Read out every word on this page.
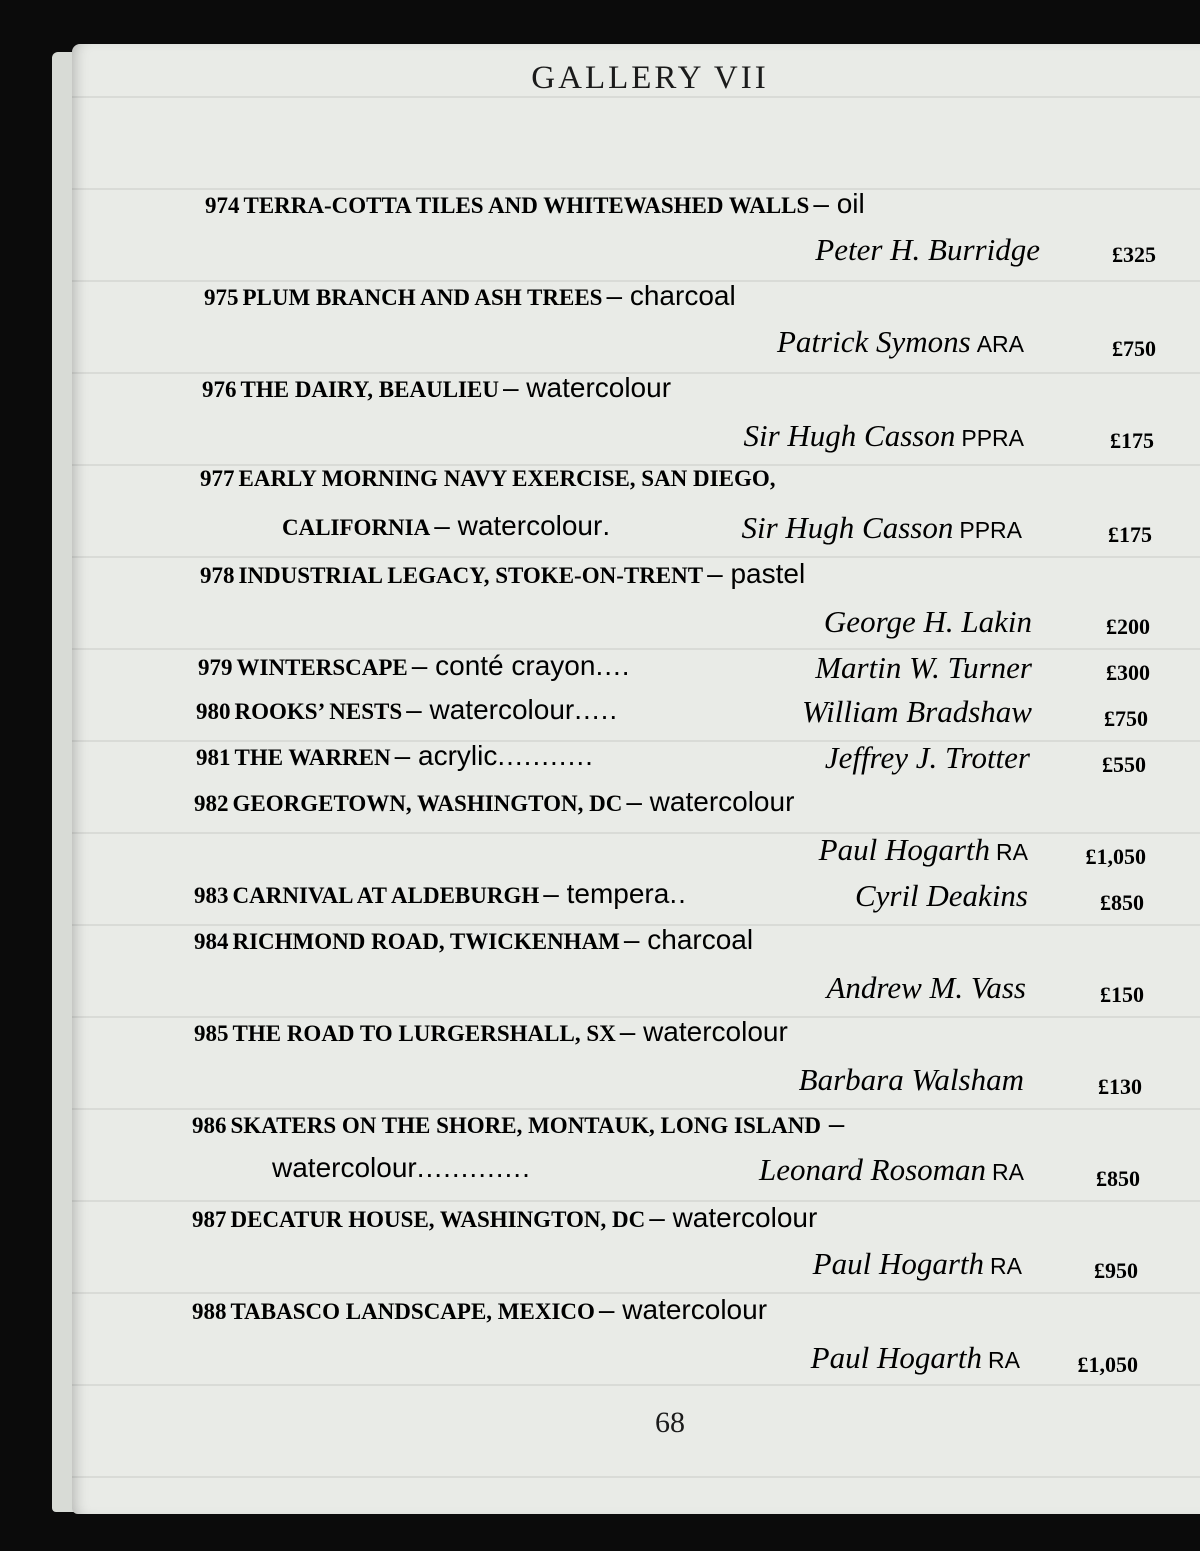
GALLERY VII
974 TERRA-COTTA TILES AND WHITEWASHED WALLS – oil
Peter H. Burridge	£325
975 PLUM BRANCH AND ASH TREES – charcoal
Patrick Symons ARA	£750
976 THE DAIRY, BEAULIEU – watercolour
Sir Hugh Casson PPRA	£175
977 EARLY MORNING NAVY EXERCISE, SAN DIEGO,
CALIFORNIA – watercolour.	Sir Hugh Casson PPRA	£175
978 INDUSTRIAL LEGACY, STOKE-ON-TRENT – pastel
George H. Lakin	£200
979 WINTERSCAPE – conté crayon....	Martin W. Turner	£300
980 ROOKS’ NESTS – watercolour.....	William Bradshaw	£750
981 THE WARREN – acrylic...........	Jeffrey J. Trotter	£550
982 GEORGETOWN, WASHINGTON, DC – watercolour
Paul Hogarth RA	£1,050
983 CARNIVAL AT ALDEBURGH – tempera..	Cyril Deakins	£850
984 RICHMOND ROAD, TWICKENHAM – charcoal
Andrew M. Vass	£150
985 THE ROAD TO LURGERSHALL, SX – watercolour
Barbara Walsham	£130
986 SKATERS ON THE SHORE, MONTAUK, LONG ISLAND –
watercolour.............	Leonard Rosoman RA	£850
987 DECATUR HOUSE, WASHINGTON, DC – watercolour
Paul Hogarth RA	£950
988 TABASCO LANDSCAPE, MEXICO – watercolour
Paul Hogarth RA	£1,050
68
